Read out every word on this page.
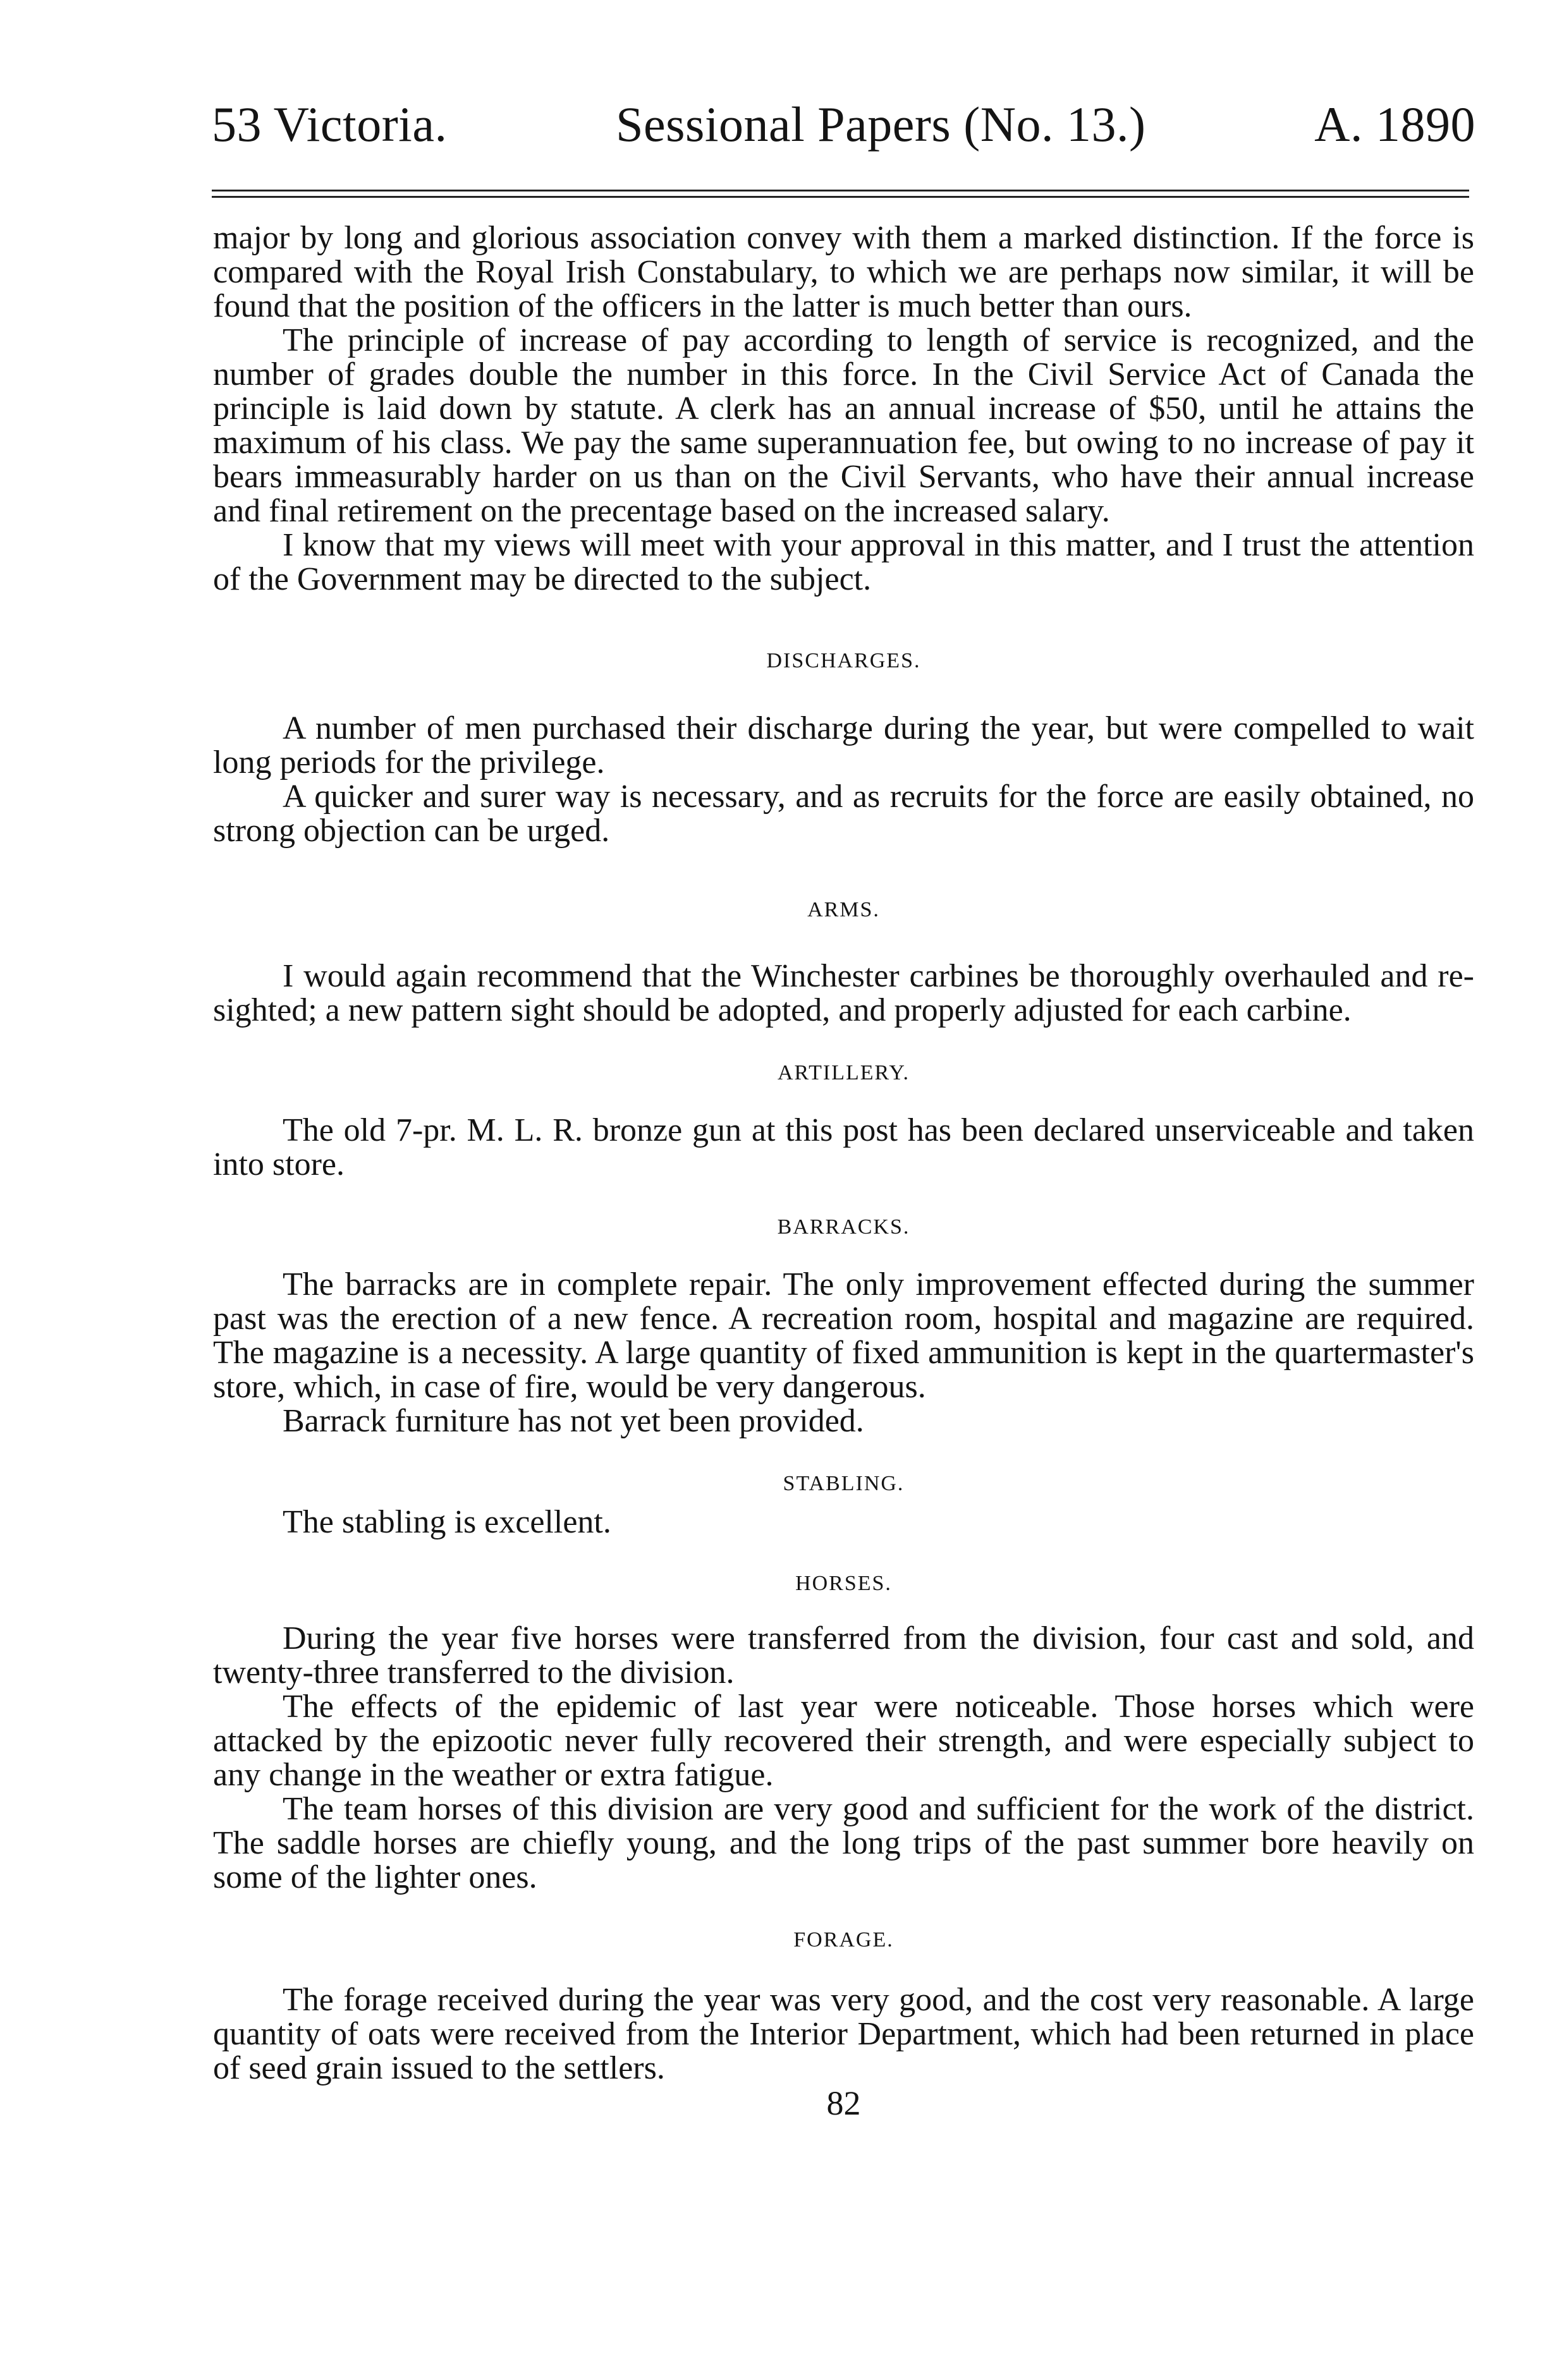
53 Victoria.	Sessional Papers (No. 13.)	A. 1890

major by long and glorious association convey with them a marked distinction. If the force is compared with the Royal Irish Constabulary, to which we are perhaps now similar, it will be found that the position of the officers in the latter is much better than ours.

The principle of increase of pay according to length of service is recognized, and the number of grades double the number in this force. In the Civil Service Act of Canada the principle is laid down by statute. A clerk has an annual increase of $50, until he attains the maximum of his class. We pay the same superannuation fee, but owing to no increase of pay it bears immeasurably harder on us than on the Civil Servants, who have their annual increase and final retirement on the precentage based on the increased salary.

I know that my views will meet with your approval in this matter, and I trust the attention of the Government may be directed to the subject.

DISCHARGES.

A number of men purchased their discharge during the year, but were compelled to wait long periods for the privilege.

A quicker and surer way is necessary, and as recruits for the force are easily obtained, no strong objection can be urged.

ARMS.

I would again recommend that the Winchester carbines be thoroughly overhauled and re-sighted; a new pattern sight should be adopted, and properly adjusted for each carbine.

ARTILLERY.

The old 7-pr. M. L. R. bronze gun at this post has been declared unserviceable and taken into store.

BARRACKS.

The barracks are in complete repair. The only improvement effected during the summer past was the erection of a new fence. A recreation room, hospital and magazine are required. The magazine is a necessity. A large quantity of fixed ammunition is kept in the quartermaster's store, which, in case of fire, would be very dangerous.

Barrack furniture has not yet been provided.

STABLING.

The stabling is excellent.

HORSES.

During the year five horses were transferred from the division, four cast and sold, and twenty-three transferred to the division.

The effects of the epidemic of last year were noticeable. Those horses which were attacked by the epizootic never fully recovered their strength, and were especially subject to any change in the weather or extra fatigue.

The team horses of this division are very good and sufficient for the work of the district. The saddle horses are chiefly young, and the long trips of the past summer bore heavily on some of the lighter ones.

FORAGE.

The forage received during the year was very good, and the cost very reasonable. A large quantity of oats were received from the Interior Department, which had been returned in place of seed grain issued to the settlers.

82
